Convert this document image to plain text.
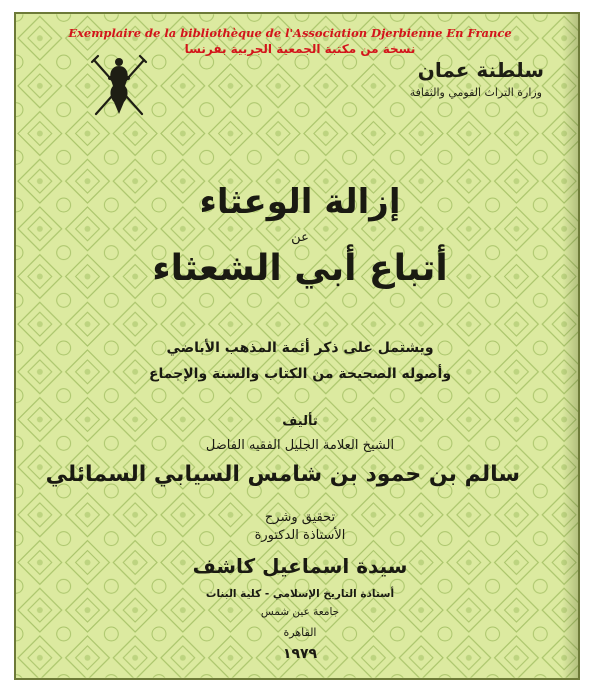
Exemplaire de la bibliothèque de l'Association Djerbienne En France
نسخة من مكتبة الجمعية الجربية بفرنسا
سلطنة عمان
وزارة التراث القومي والثقافة
إزالة الوعثاء
عن
أتباع أبي الشعثاء
ويشتمل على ذكر أئمة المذهب الأباضي
وأصوله الصحيحة من الكتاب والسنة والإجماع
تأليف
الشيخ العلامة الجليل الفقيه الفاضل
سالم بن حمود بن شامس السيابي السمائلي
تحقيق وشرح
الأستاذة الدكتورة
سيدة اسماعيل كاشف
أستاذة التاريخ الإسلامي - كلية البنات
جامعة عين شمس
القاهرة
١٩٧٩
